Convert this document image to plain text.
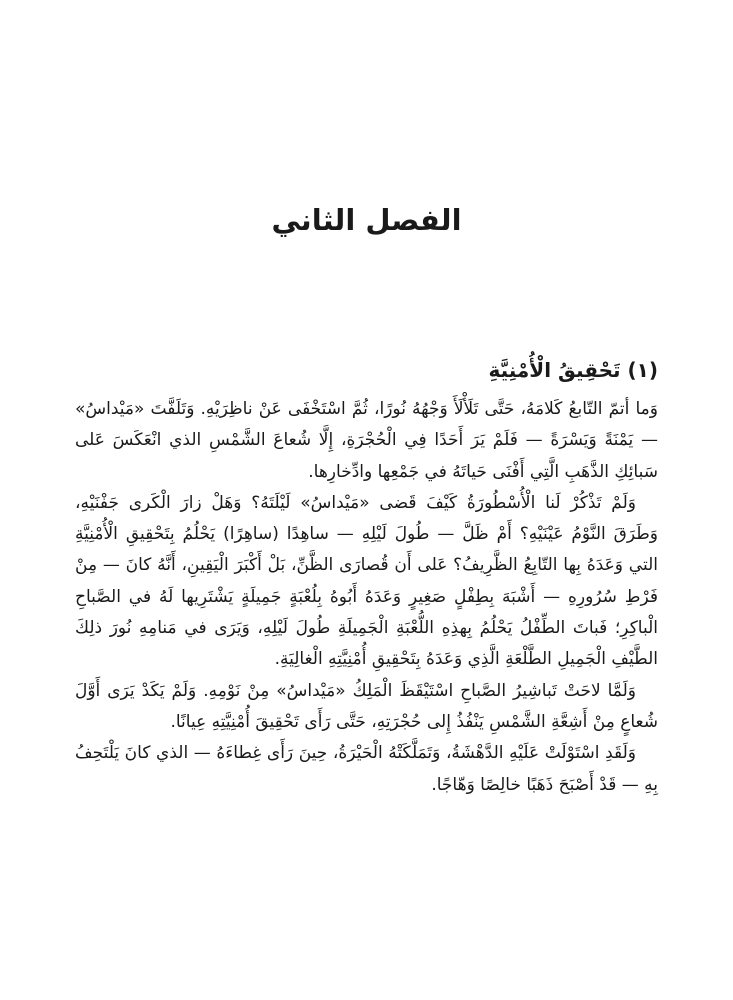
الفصل الثاني
(١) تَحْقِيقُ الْأُمْنِيَّةِ

وَما أتمّ التّابعُ كَلامَهُ، حَتَّى تَلَأْلَأَ وَجْهُهُ نُورًا، ثُمَّ اسْتَخْفَى عَنْ ناظِرَيْهِ. وَتَلَفَّتَ «مَيْداسُ» — يَمْنَةً وَيَسْرَةً — فَلَمْ يَرَ أَحَدًا فِي الْحُجْرَةِ، إِلَّا شُعاعَ الشَّمْسِ الذي انْعَكَسَ عَلى سَبائِكِ الذَّهَبِ الَّتِي أَفْنَى حَياتَهُ في جَمْعِها وادِّخارِها.

وَلَمْ تَذْكُرْ لَنا الْأُسْطُورَةُ كَيْفَ قَضى «مَيْداسُ» لَيْلَتَهُ؟ وَهَلْ زارَ الْكَرى جَفْنَيْهِ، وَطَرَقَ النَّوْمُ عَيْنَيْهِ؟ أَمْ ظَلَّ — طُولَ لَيْلِهِ — ساهِدًا (ساهِرًا) يَحْلُمُ بِتَحْقِيقِ الْأُمْنِيَّةِ التي وَعَدَهُ بِها التّابِعُ الظَّرِيفُ؟ عَلى أَن قُصارَى الظَّنِّ، بَلْ أَكْبَرَ الْيَقِينِ، أَنَّهُ كانَ — مِنْ فَرْطِ سُرُورِهِ — أَشْبَهَ بِطِفْلٍ صَغِيرٍ وَعَدَهُ أَبُوهُ بِلُعْبَةٍ جَمِيلَةٍ يَشْتَرِيها لَهُ في الصَّباحِ الْباكِرِ؛ فَباتَ الطِّفْلُ يَحْلُمُ بِهذِهِ اللُّعْبَةِ الْجَمِيلَةِ طُولَ لَيْلِهِ، وَيَرَى في مَنامِهِ نُورَ ذلِكَ الطَّيْفِ الْجَمِيلِ الطَّلْعَةِ الَّذِي وَعَدَهُ بِتَحْقِيقِ أُمْنِيَّتِهِ الْغالِيَةِ.

وَلَمَّا لاحَتْ تَباشِيرُ الصَّباحِ اسْتَيْقَظَ الْمَلِكُ «مَيْداسُ» مِنْ نَوْمِهِ. وَلَمْ يَكَدْ يَرَى أَوَّلَ شُعاعٍ مِنْ أَشِعَّةِ الشَّمْسِ يَنْفُذُ إِلى حُجْرَتِهِ، حَتَّى رَأَى تَحْقِيقَ أُمْنِيَّتِهِ عِيانًا.

وَلَقَدِ اسْتَوْلَتْ عَلَيْهِ الدَّهْشَةُ، وَتَمَلَّكَتْهُ الْحَيْرَةُ، حِينَ رَأَى غِطاءَهُ — الذي كانَ يَلْتَحِفُ بِهِ — قَدْ أَصْبَحَ ذَهَبًا خالِصًا وَهّاجًا.
